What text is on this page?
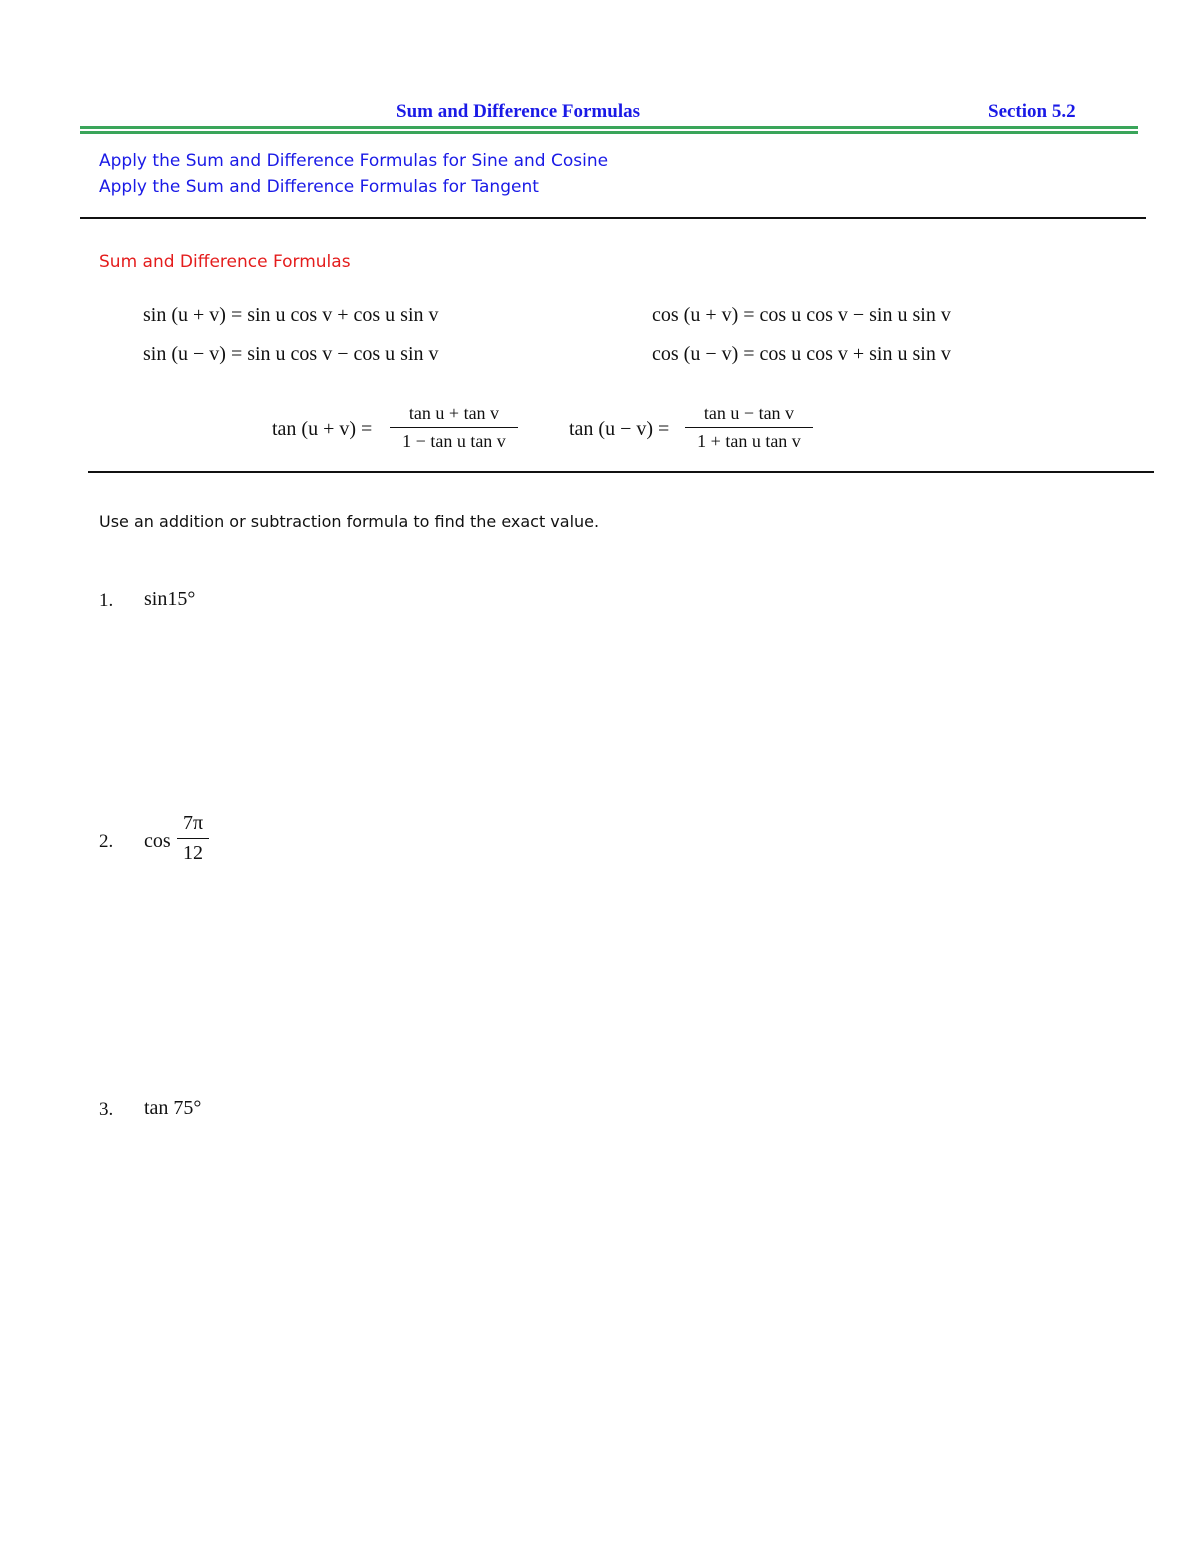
Sum and Difference Formulas	Section 5.2
Apply the Sum and Difference Formulas for Sine and Cosine
Apply the Sum and Difference Formulas for Tangent
Sum and Difference Formulas
sin (u + v) = sin u cos v + cos u sin v
sin (u − v) = sin u cos v − cos u sin v
cos (u + v) = cos u cos v − sin u sin v
cos (u − v) = cos u cos v + sin u sin v
tan (u + v) =
tan u + tan v
1 − tan u tan v
tan (u − v) =
tan u − tan v
1 + tan u tan v
Use an addition or subtraction formula to find the exact value.
1. sin15°
2. cos
7π
12
3. tan 75°
